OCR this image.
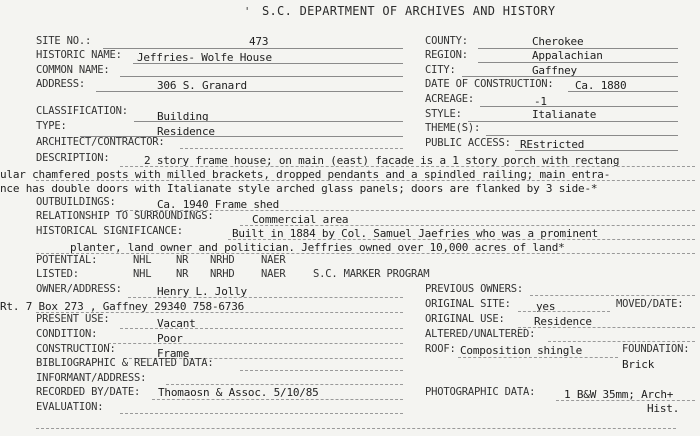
S.C. DEPARTMENT OF ARCHIVES AND HISTORY
'
SITE NO.:	473
HISTORIC NAME: Jeffries- Wolfe House
COMMON NAME:
ADDRESS:	306 S. Granard
CLASSIFICATION:	Building
TYPE:	Residence
ARCHITECT/CONTRACTOR:
COUNTY:	Cherokee
REGION:	Appalachian
CITY:	Gaffney
DATE OF CONSTRUCTION: Ca. 1880
ACREAGE:	-1
STYLE:	Italianate
THEME(S):
PUBLIC ACCESS: REstricted
DESCRIPTION:	2 story frame house; on main (east) facade is a 1 story porch with rectang
ular chamfered posts with milled brackets, dropped pendants and a spindled railing; main entra-
nce has double doors with Italianate style arched glass panels; doors are flanked by 3 side-*
OUTBUILDINGS:	Ca. 1940 Frame shed
RELATIONSHIP TO SURROUNDINGS:	Commercial area
HISTORICAL SIGNIFICANCE:	Built in 1884 by Col. Samuel Jaefries who was a prominent
planter, land owner and politician. Jeffries owned over 10,000 acres of land*
POTENTIAL:	NHL NR NRHD	NAER
LISTED:	NHL NR NRHD	NAER	S.C. MARKER PROGRAM
OWNER/ADDRESS:	Henry L. Jolly
Rt. 7 Box 273 , Gaffney 29340 758-6736
PREVIOUS OWNERS:
ORIGINAL SITE: yes	MOVED/DATE:
PRESENT USE:	Vacant	ORIGINAL USE:	Residence
CONDITION:	Poor	ALTERED/UNALTERED:
CONSTRUCTION:	Frame	ROOF: Composition shingle	FOUNDATION:
Brick
BIBLIOGRAPHIC & RELATED DATA:
INFORMANT/ADDRESS:
RECORDED BY/DATE: Thomaosn & Assoc. 5/10/85	PHOTOGRAPHIC DATA:	1 B&W 35mm; Arch+
Hist.
EVALUATION:
